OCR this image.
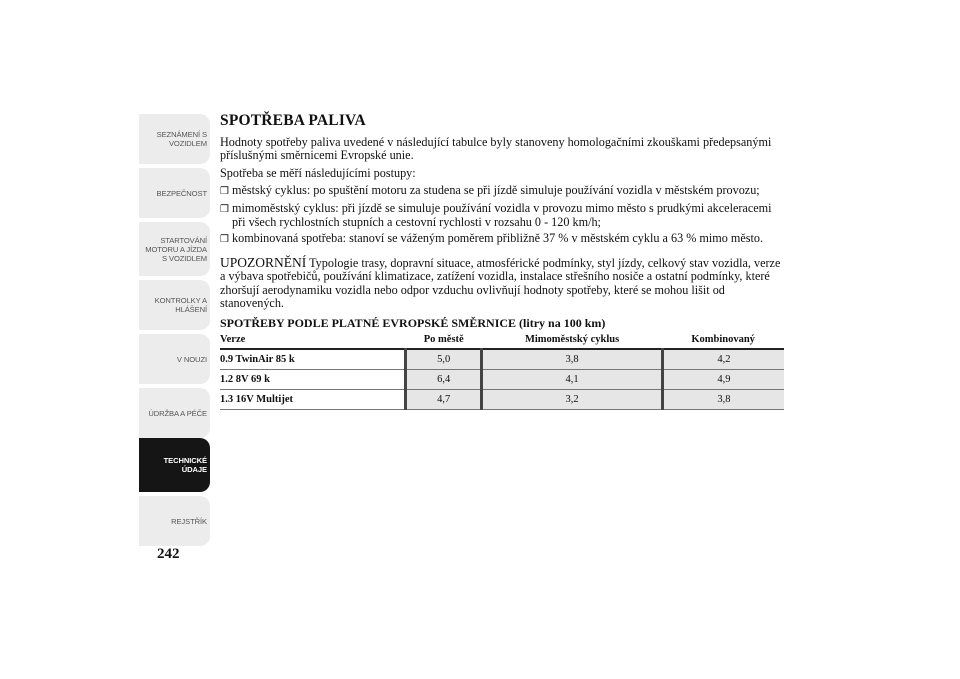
SEZNÁMENÍ S
VOZIDLEM
BEZPEČNOST
STARTOVÁNÍ
MOTORU A JÍZDA
S VOZIDLEM
KONTROLKY A
HLÁŠENÍ
V NOUZI
ÚDRŽBA A PÉČE
TECHNICKÉ
ÚDAJE
REJSTŘÍK
242
SPOTŘEBA PALIVA

Hodnoty spotřeby paliva uvedené v následující tabulce byly stanoveny homologačními zkouškami předepsanými příslušnými směrnicemi Evropské unie.

Spotřeba se měří následujícími postupy:

❒ městský cyklus: po spuštění motoru za studena se při jízdě simuluje používání vozidla v městském provozu;

❒ mimoměstský cyklus: při jízdě se simuluje používání vozidla v provozu mimo město s prudkými akceleracemi při všech rychlostních stupních a cestovní rychlosti v rozsahu 0 - 120 km/h;

❒ kombinovaná spotřeba: stanoví se váženým poměrem přibližně 37 % v městském cyklu a 63 % mimo město.

UPOZORNĚNÍ Typologie trasy, dopravní situace, atmosférické podmínky, styl jízdy, celkový stav vozidla, verze a výbava spotřebičů, používání klimatizace, zatížení vozidla, instalace střešního nosiče a ostatní podmínky, které zhoršují aerodynamiku vozidla nebo odpor vzduchu ovlivňují hodnoty spotřeby, které se mohou lišit od stanovených.

SPOTŘEBY PODLE PLATNÉ EVROPSKÉ SMĚRNICE (litry na 100 km)
Verze	Po městě	Mimoměstský cyklus	Kombinovaný
0.9 TwinAir 85 k	5,0	3,8	4,2
1.2 8V 69 k	6,4	4,1	4,9
1.3 16V Multijet	4,7	3,2	3,8
